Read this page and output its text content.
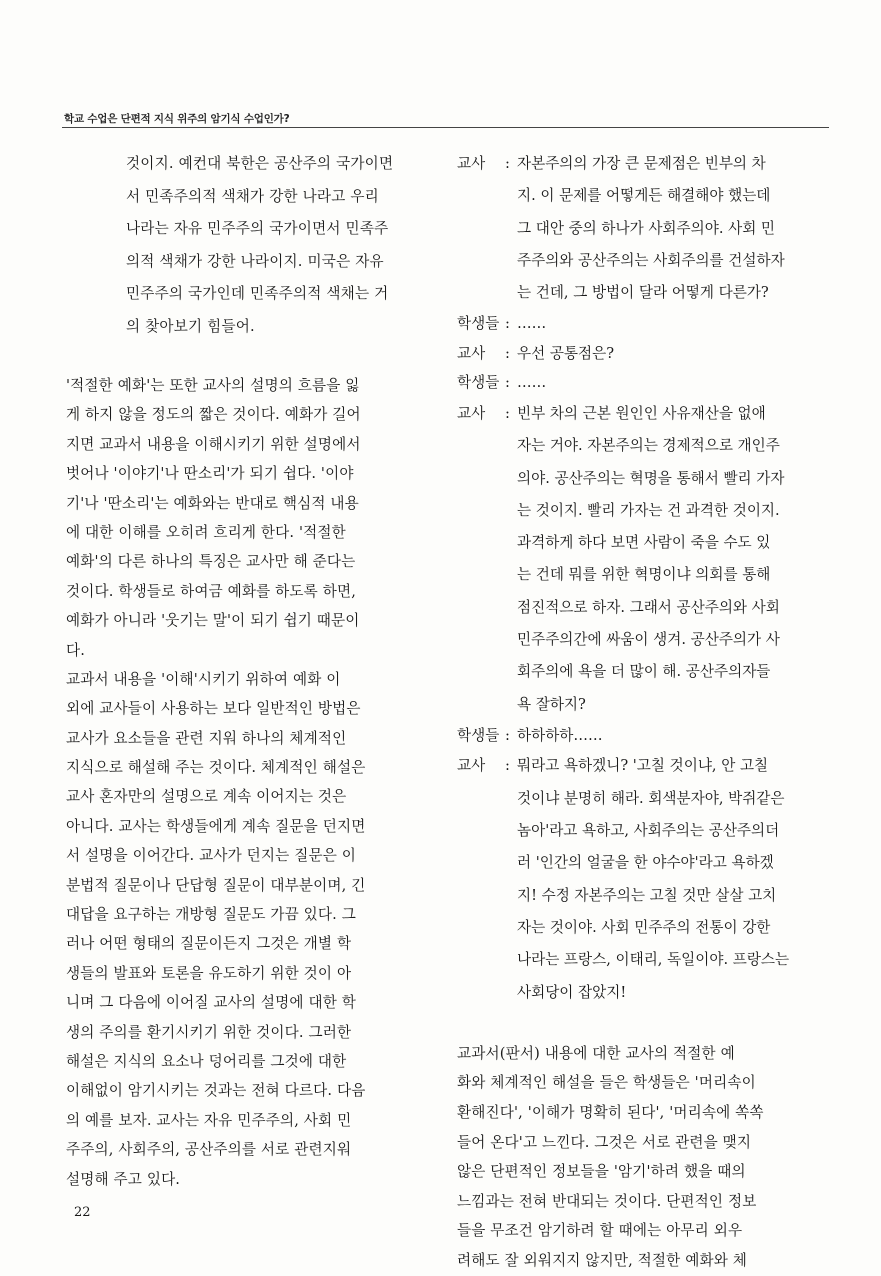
학교 수업은 단편적 지식 위주의 암기식 수업인가?
것이지. 예컨대 북한은 공산주의 국가이면
서 민족주의적 색채가 강한 나라고 우리
나라는 자유 민주주의 국가이면서 민족주
의적 색채가 강한 나라이지. 미국은 자유
민주주의 국가인데 민족주의적 색채는 거
의 찾아보기 힘들어.
'적절한 예화'는 또한 교사의 설명의 흐름을 잃
게 하지 않을 정도의 짧은 것이다. 예화가 길어
지면 교과서 내용을 이해시키기 위한 설명에서
벗어나 '이야기'나 딴소리'가 되기 쉽다. '이야
기'나 '딴소리'는 예화와는 반대로 핵심적 내용
에 대한 이해를 오히려 흐리게 한다. '적절한
예화'의 다른 하나의 특징은 교사만 해 준다는
것이다. 학생들로 하여금 예화를 하도록 하면,
예화가 아니라 '웃기는 말'이 되기 쉽기 때문이
다.
교과서 내용을 '이해'시키기 위하여 예화 이
외에 교사들이 사용하는 보다 일반적인 방법은
교사가 요소들을 관련 지워 하나의 체계적인
지식으로 해설해 주는 것이다. 체계적인 해설은
교사 혼자만의 설명으로 계속 이어지는 것은
아니다. 교사는 학생들에게 계속 질문을 던지면
서 설명을 이어간다. 교사가 던지는 질문은 이
분법적 질문이나 단답형 질문이 대부분이며, 긴
대답을 요구하는 개방형 질문도 가끔 있다. 그
러나 어떤 형태의 질문이든지 그것은 개별 학
생들의 발표와 토론을 유도하기 위한 것이 아
니며 그 다음에 이어질 교사의 설명에 대한 학
생의 주의를 환기시키기 위한 것이다. 그러한
해설은 지식의 요소나 덩어리를 그것에 대한
이해없이 암기시키는 것과는 전혀 다르다. 다음
의 예를 보자. 교사는 자유 민주주의, 사회 민
주주의, 사회주의, 공산주의를 서로 관련지워
설명해 주고 있다.
교사	: 자본주의의 가장 큰 문제점은 빈부의 차
지. 이 문제를 어떻게든 해결해야 했는데
그 대안 중의 하나가 사회주의야. 사회 민
주주의와 공산주의는 사회주의를 건설하자
는 건데, 그 방법이 달라 어떻게 다른가?
학생들 : ……
교사	: 우선 공통점은?
학생들 : ……
교사	: 빈부 차의 근본 원인인 사유재산을 없애
자는 거야. 자본주의는 경제적으로 개인주
의야. 공산주의는 혁명을 통해서 빨리 가자
는 것이지. 빨리 가자는 건 과격한 것이지.
과격하게 하다 보면 사람이 죽을 수도 있
는 건데 뭐를 위한 혁명이냐 의회를 통해
점진적으로 하자. 그래서 공산주의와 사회
민주주의간에 싸움이 생겨. 공산주의가 사
회주의에 욕을 더 많이 해. 공산주의자들
욕 잘하지?
학생들 : 하하하하……
교사	: 뭐라고 욕하겠니? '고칠 것이냐, 안 고칠
것이냐 분명히 해라. 회색분자야, 박쥐같은
놈아'라고 욕하고, 사회주의는 공산주의더
러 '인간의 얼굴을 한 야수야'라고 욕하겠
지! 수정 자본주의는 고칠 것만 살살 고치
자는 것이야. 사회 민주주의 전통이 강한
나라는 프랑스, 이태리, 독일이야. 프랑스는
사회당이 잡았지!
교과서(판서) 내용에 대한 교사의 적절한 예
화와 체계적인 해설을 들은 학생들은 '머리속이
환해진다', '이해가 명확히 된다', '머리속에 쏙쏙
들어 온다'고 느낀다. 그것은 서로 관련을 맺지
않은 단편적인 정보들을 '암기'하려 했을 때의
느낌과는 전혀 반대되는 것이다. 단편적인 정보
들을 무조건 암기하려 할 때에는 아무리 외우
려해도 잘 외워지지 않지만, 적절한 예화와 체
22
